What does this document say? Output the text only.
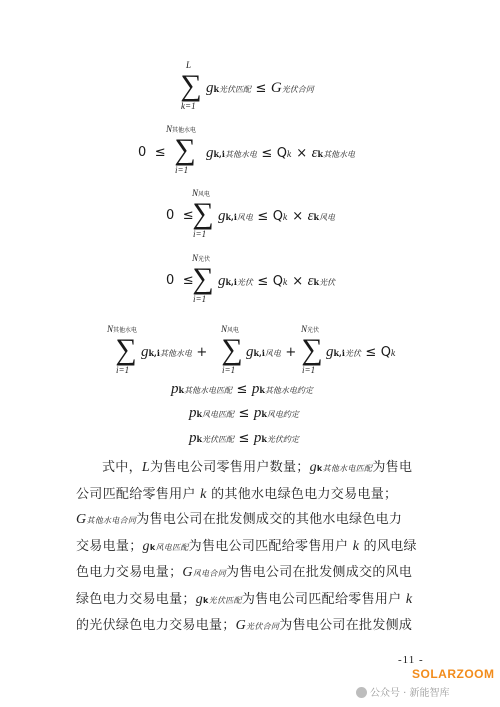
L
∑
k=1
gk光伏匹配 ≤ G光伏合同
0 ≤
N其他水电
∑
i=1
gk,i其他水电 ≤ Qk × εk其他水电
0 ≤
N风电
∑
i=1
gk,i风电 ≤ Qk × εk风电
0 ≤
N光伏
∑
i=1
gk,i光伏 ≤ Qk × εk光伏
N其他水电
∑
i=1
gk,i其他水电 +
N风电
∑
i=1
gk,i风电 +
N光伏
∑
i=1
gk,i光伏 ≤ Qk
pk其他水电匹配 ≤ pk其他水电约定
pk风电匹配 ≤ pk风电约定
pk光伏匹配 ≤ pk光伏约定
式中，L为售电公司零售用户数量；gk其他水电匹配为售电
公司匹配给零售用户 k 的其他水电绿色电力交易电量；
G其他水电合同为售电公司在批发侧成交的其他水电绿色电力
交易电量；gk风电匹配为售电公司匹配给零售用户 k 的风电绿
色电力交易电量；G风电合同为售电公司在批发侧成交的风电
绿色电力交易电量；gk光伏匹配为售电公司匹配给零售用户 k
的光伏绿色电力交易电量；G光伏合同为售电公司在批发侧成
-11 -
SOLARZOOM
公众号 · 新能智库
